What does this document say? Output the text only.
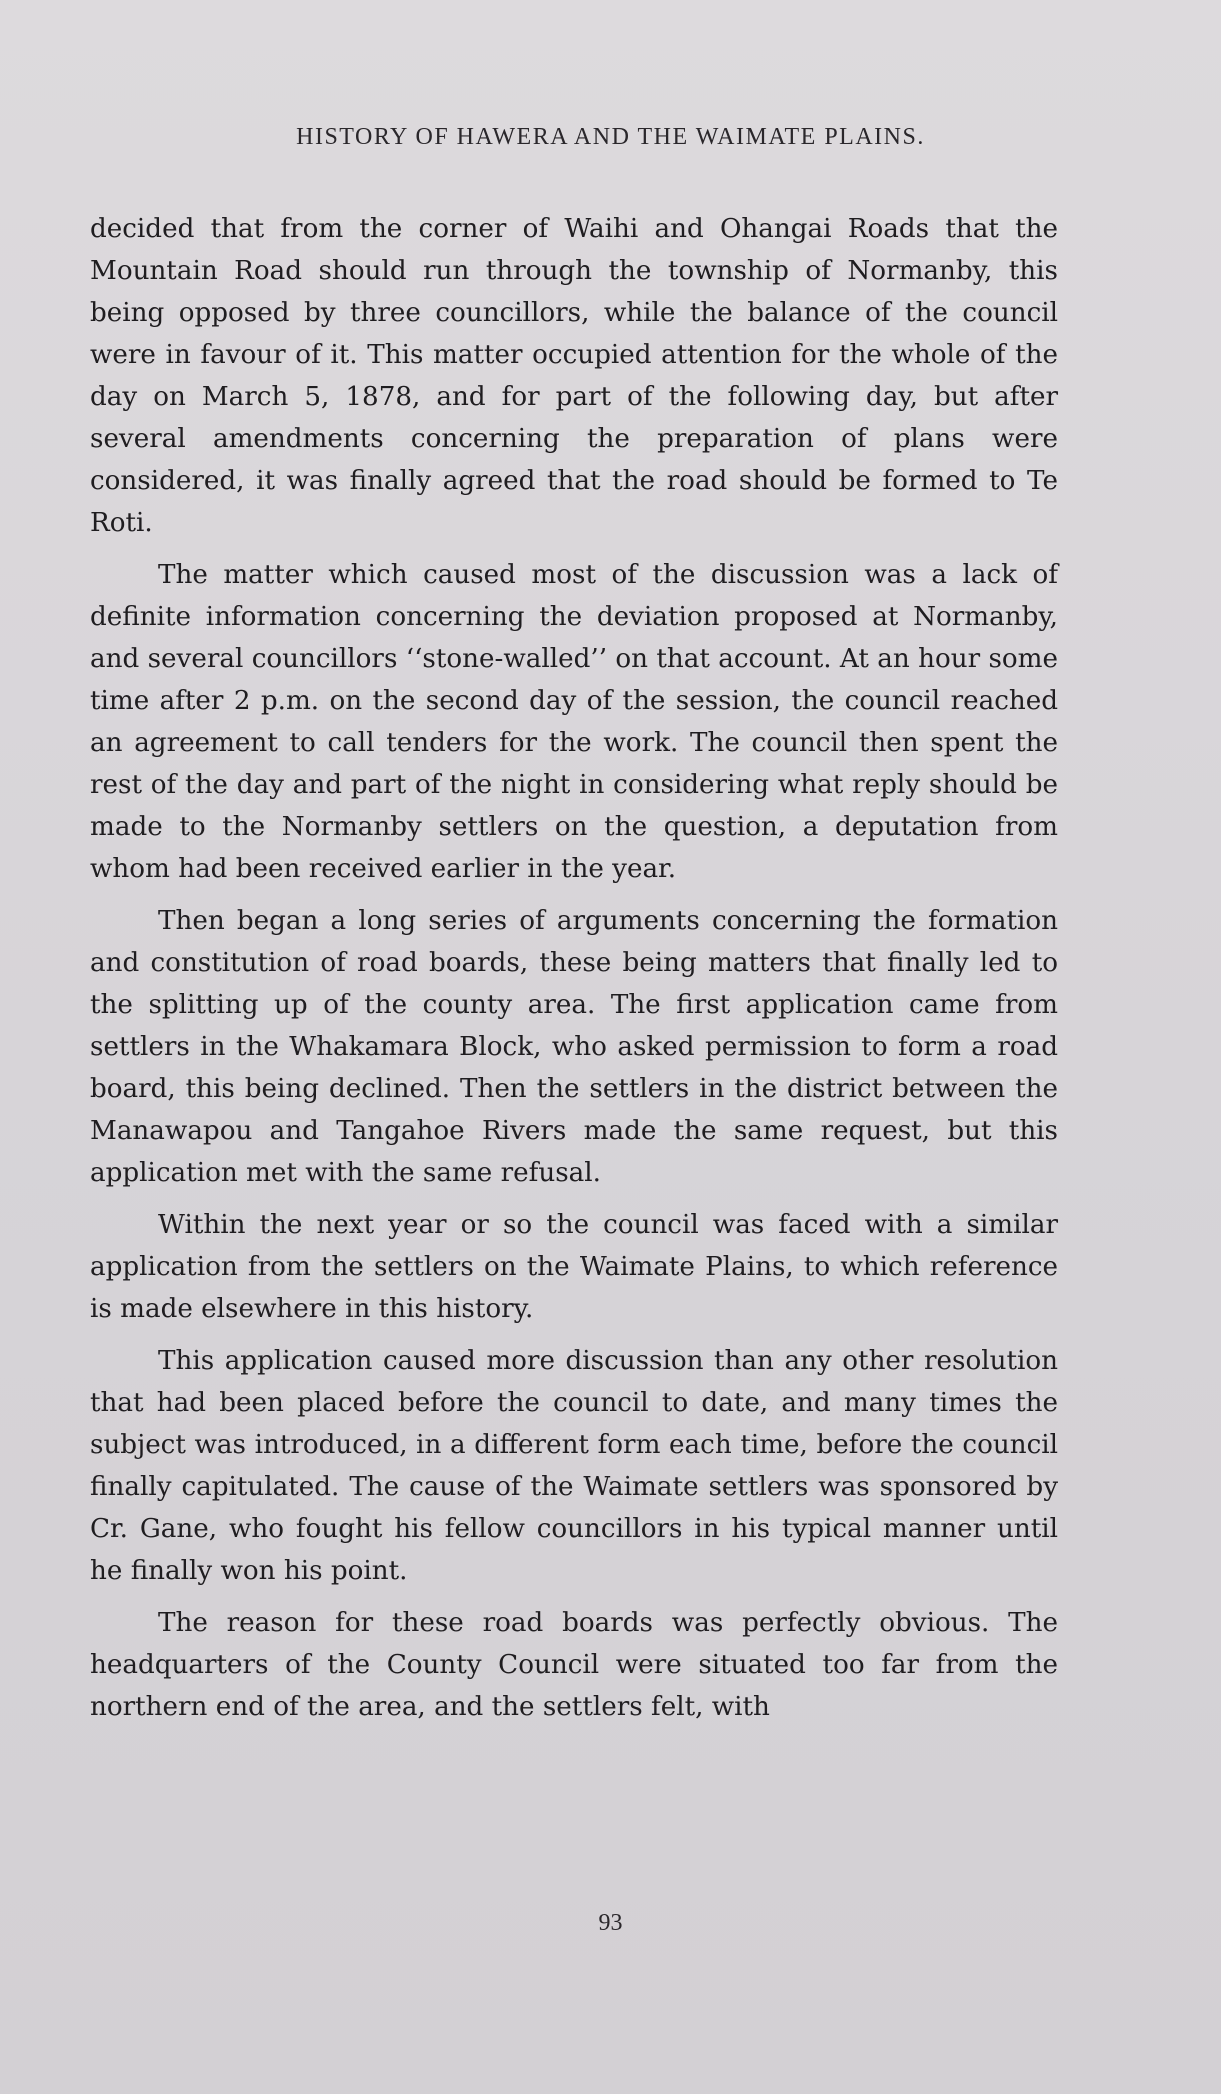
HISTORY OF HAWERA AND THE WAIMATE PLAINS.

decided that from the corner of Waihi and Ohangai Roads that the Mountain Road should run through the township of Normanby, this being opposed by three councillors, while the balance of the council were in favour of it. This matter occupied attention for the whole of the day on March 5, 1878, and for part of the following day, but after several amendments concerning the preparation of plans were considered, it was finally agreed that the road should be formed to Te Roti.

The matter which caused most of the discussion was a lack of definite information concerning the deviation proposed at Normanby, and several councillors ‘‘stone-walled’’ on that account. At an hour some time after 2 p.m. on the second day of the session, the council reached an agreement to call tenders for the work. The council then spent the rest of the day and part of the night in considering what reply should be made to the Normanby settlers on the question, a deputation from whom had been received earlier in the year.

Then began a long series of arguments concerning the formation and constitution of road boards, these being matters that finally led to the splitting up of the county area. The first application came from settlers in the Whakamara Block, who asked permission to form a road board, this being declined. Then the settlers in the district between the Manawapou and Tangahoe Rivers made the same request, but this application met with the same refusal.

Within the next year or so the council was faced with a similar application from the settlers on the Waimate Plains, to which reference is made elsewhere in this history.

This application caused more discussion than any other resolution that had been placed before the council to date, and many times the subject was introduced, in a different form each time, before the council finally capitulated. The cause of the Waimate settlers was sponsored by Cr. Gane, who fought his fellow councillors in his typical manner until he finally won his point.

The reason for these road boards was perfectly obvious. The headquarters of the County Council were situated too far from the northern end of the area, and the settlers felt, with

93
